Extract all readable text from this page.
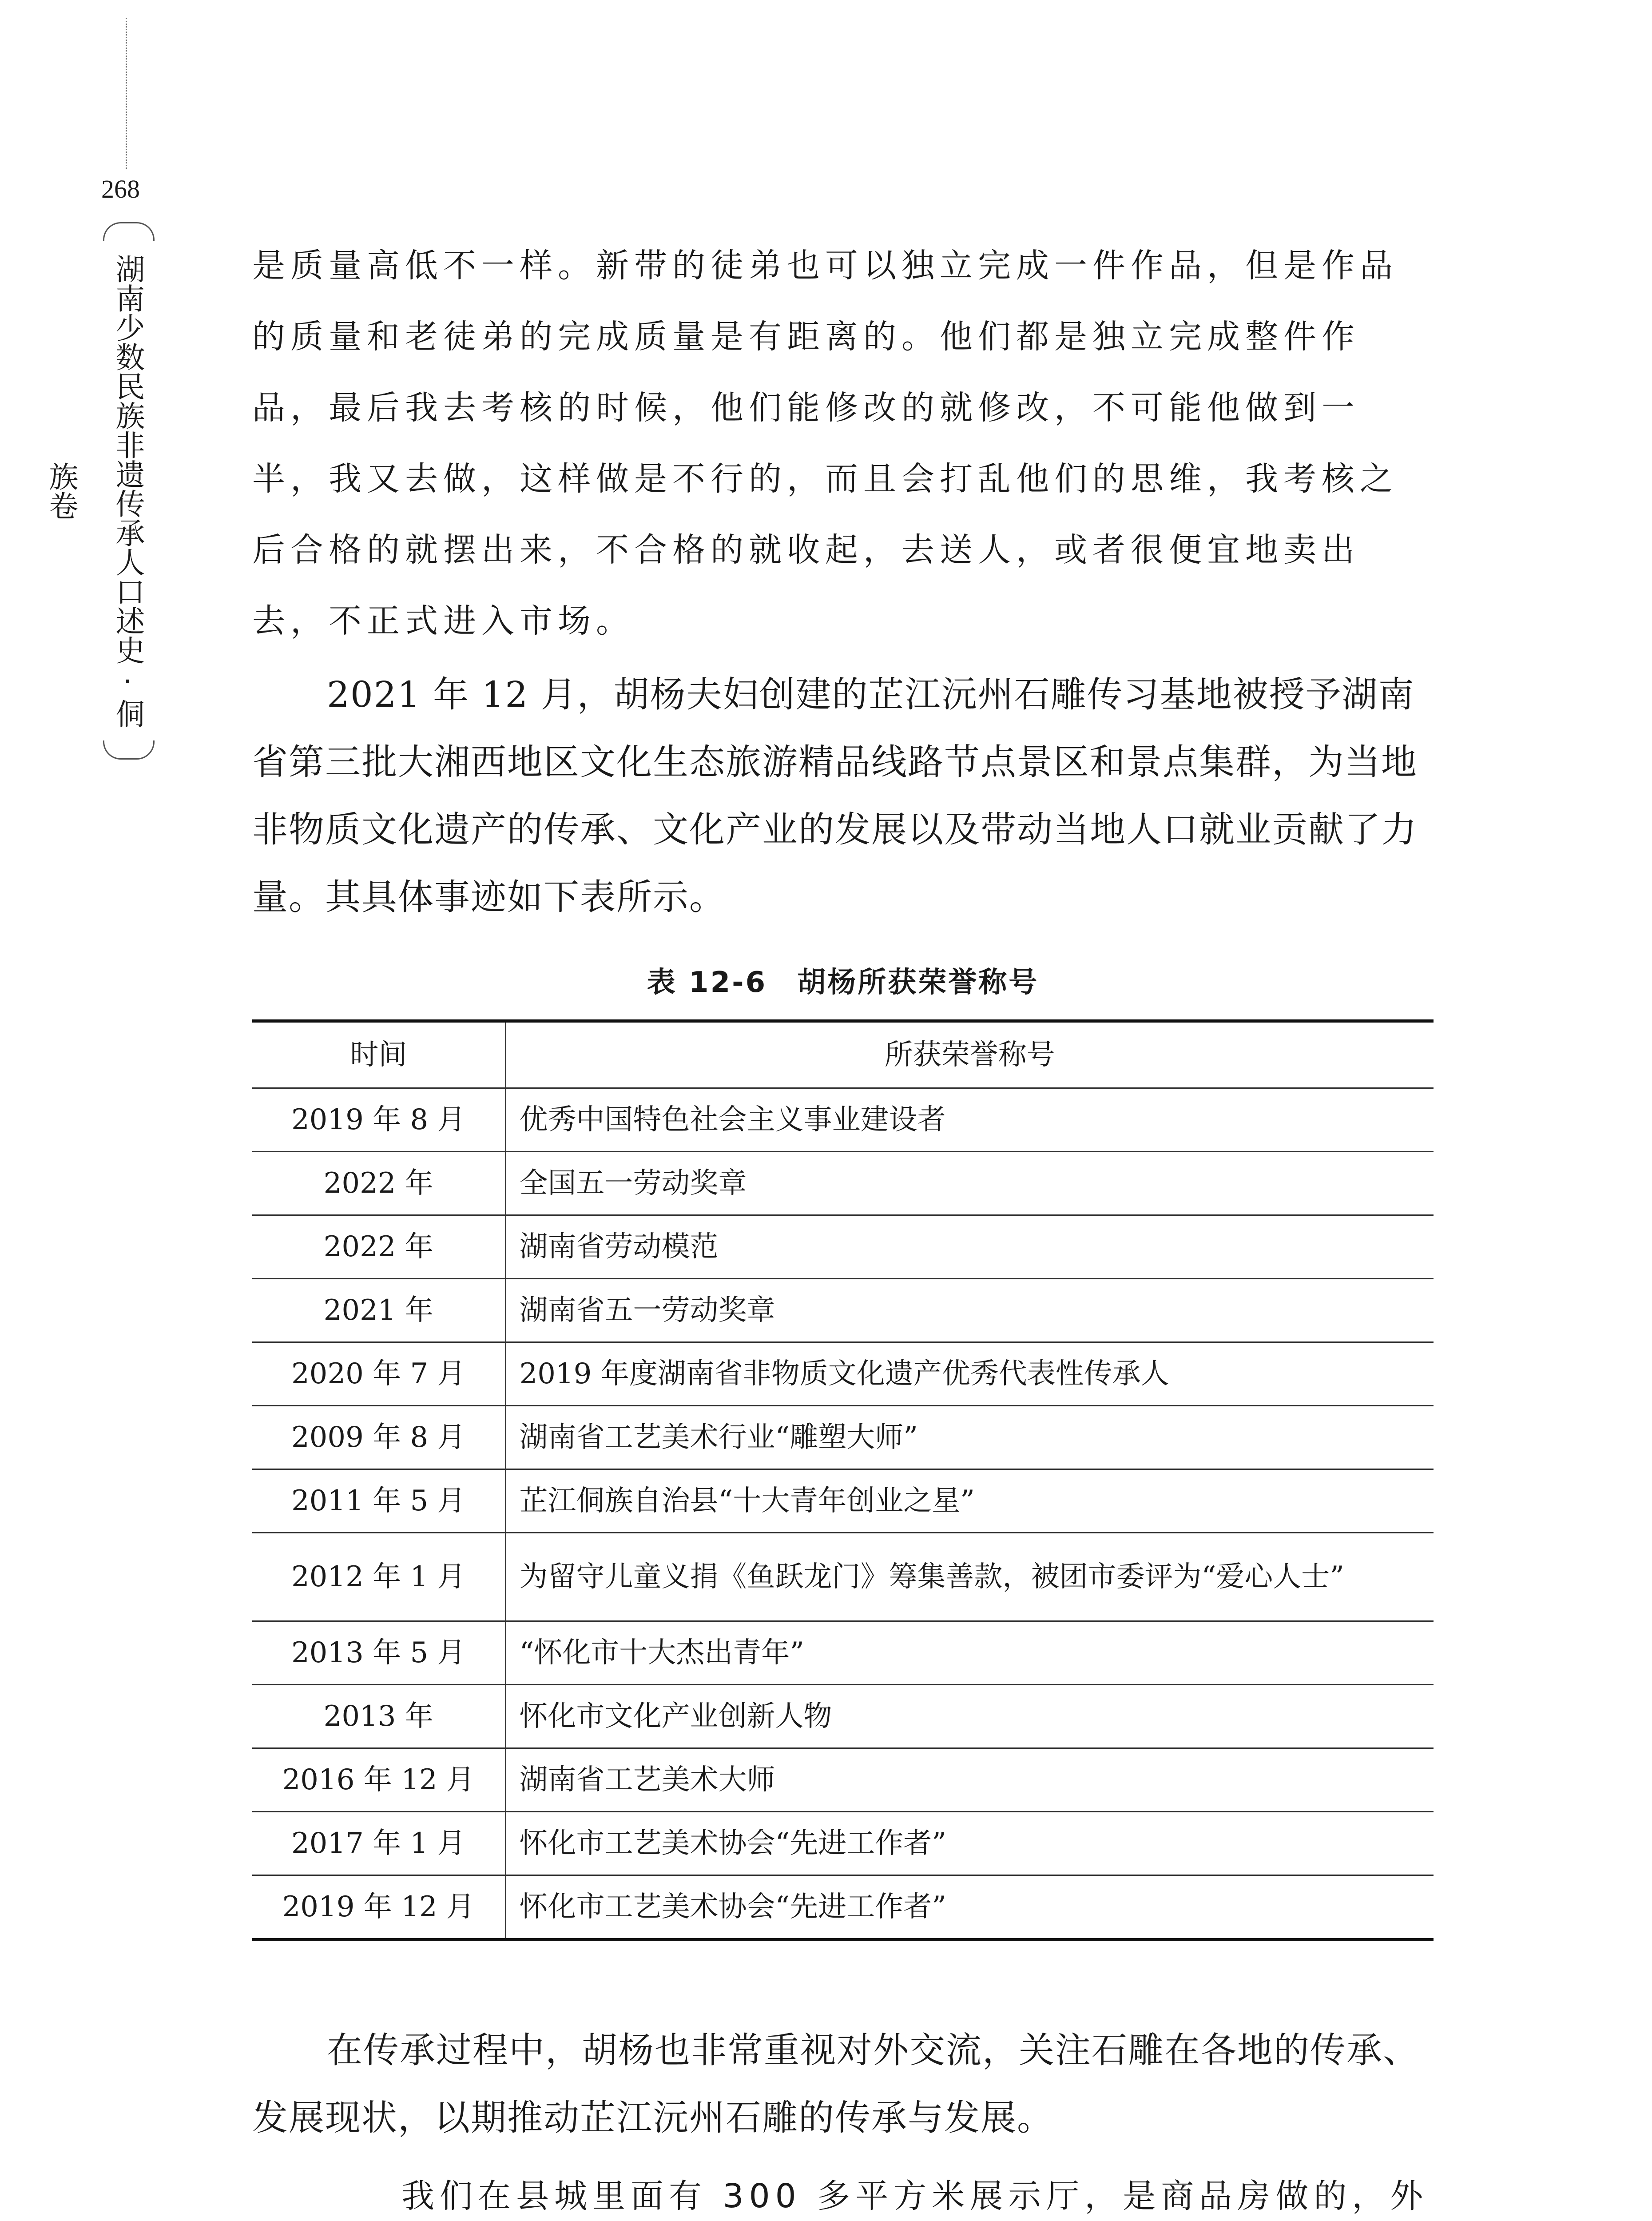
268
湖南少数民族非遗传承人口述史·侗族卷

是质量高低不一样。新带的徒弟也可以独立完成一件作品，但是作品的质量和老徒弟的完成质量是有距离的。他们都是独立完成整件作品，最后我去考核的时候，他们能修改的就修改，不可能他做到一半，我又去做，这样做是不行的，而且会打乱他们的思维，我考核之后合格的就摆出来，不合格的就收起，去送人，或者很便宜地卖出去，不正式进入市场。

2021 年 12 月，胡杨夫妇创建的芷江沅州石雕传习基地被授予湖南省第三批大湘西地区文化生态旅游精品线路节点景区和景点集群，为当地非物质文化遗产的传承、文化产业的发展以及带动当地人口就业贡献了力量。其具体事迹如下表所示。

表 12-6　胡杨所获荣誉称号
时间	所获荣誉称号
2019 年 8 月	优秀中国特色社会主义事业建设者
2022 年	全国五一劳动奖章
2022 年	湖南省劳动模范
2021 年	湖南省五一劳动奖章
2020 年 7 月	2019 年度湖南省非物质文化遗产优秀代表性传承人
2009 年 8 月	湖南省工艺美术行业“雕塑大师”
2011 年 5 月	芷江侗族自治县“十大青年创业之星”
2012 年 1 月	为留守儿童义捐《鱼跃龙门》筹集善款，被团市委评为“爱心人士”
2013 年 5 月	“怀化市十大杰出青年”
2013 年	怀化市文化产业创新人物
2016 年 12 月	湖南省工艺美术大师
2017 年 1 月	怀化市工艺美术协会“先进工作者”
2019 年 12 月	怀化市工艺美术协会“先进工作者”

在传承过程中，胡杨也非常重视对外交流，关注石雕在各地的传承、发展现状，以期推动芷江沅州石雕的传承与发展。

我们在县城里面有 300 多平方米展示厅，是商品房做的，外
